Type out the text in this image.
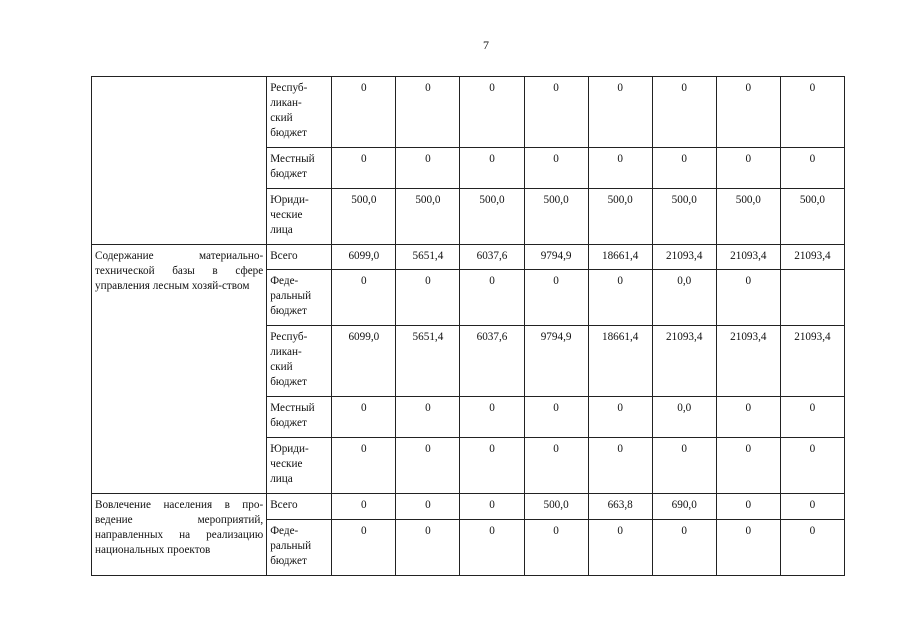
7
	Респуб-
ликан-
ский
бюджет	0	0	0	0	0	0	0	0
	Местный
бюджет	0	0	0	0	0	0	0	0
	Юриди-
ческие
лица	500,0	500,0	500,0	500,0	500,0	500,0	500,0	500,0
Содержание материально-технической базы в сфере управления лесным хозяй-ством	Всего	6099,0	5651,4	6037,6	9794,9	18661,4	21093,4	21093,4	21093,4
	Феде-
ральный
бюджет	0	0	0	0	0	0,0	0	
	Респуб-
ликан-
ский
бюджет	6099,0	5651,4	6037,6	9794,9	18661,4	21093,4	21093,4	21093,4
	Местный
бюджет	0	0	0	0	0	0,0	0	0
	Юриди-
ческие
лица	0	0	0	0	0	0	0	0
Вовлечение населения в про-ведение мероприятий, направленных на реализацию национальных проектов	Всего	0	0	0	500,0	663,8	690,0	0	0
	Феде-
ральный
бюджет	0	0	0	0	0	0	0	0
